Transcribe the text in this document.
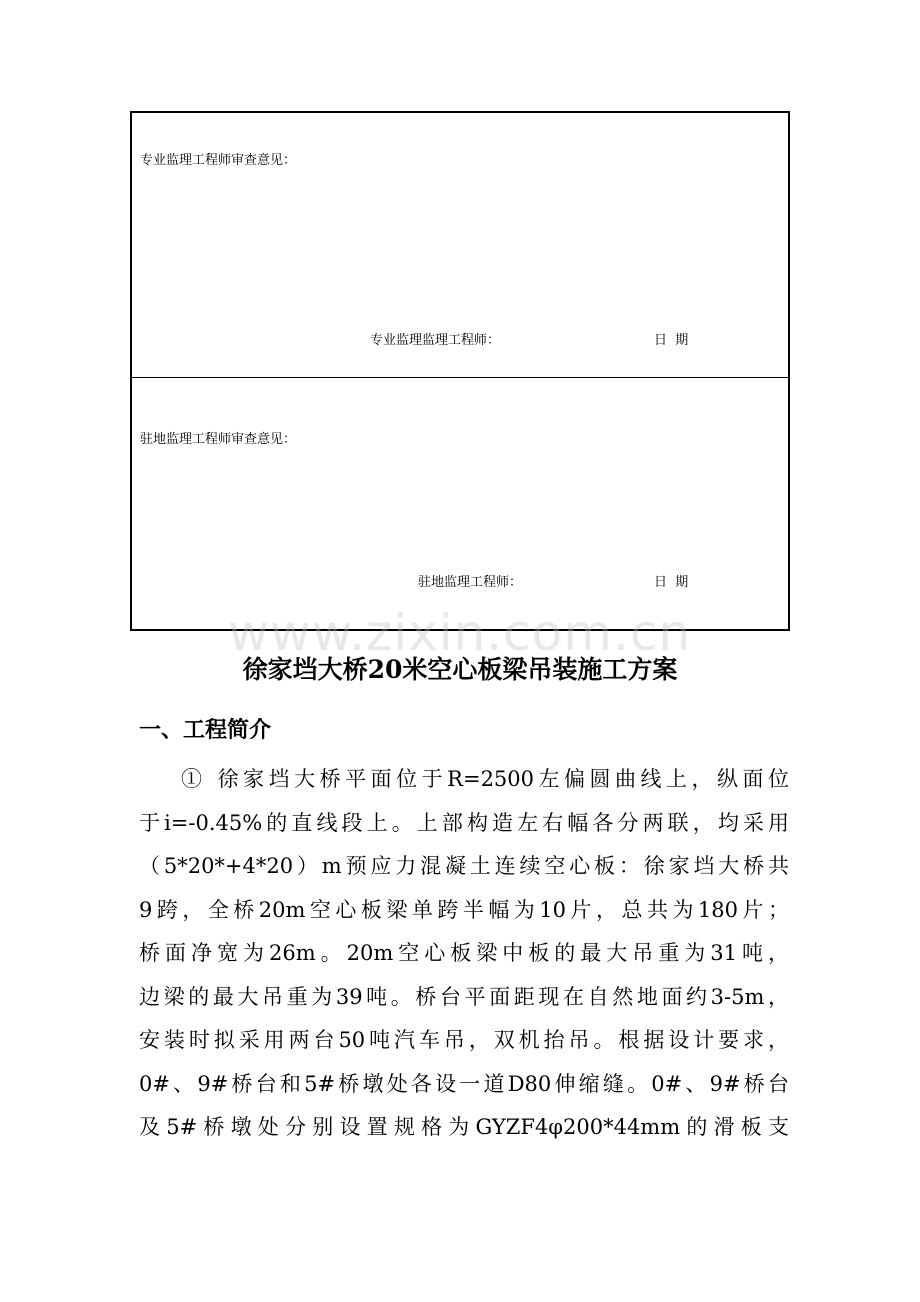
专业监理工程师审查意见：
专业监理监理工程师：	日  期
驻地监理工程师审查意见：
驻地监理工程师：	日  期
www.zixin.com.cn
徐家垱大桥20米空心板梁吊装施工方案
一、工程简介
① 徐家垱大桥平面位于R=2500左偏圆曲线上，纵面位
于i=-0.45%的直线段上。上部构造左右幅各分两联，均采用
（5*20*+4*20）m预应力混凝土连续空心板：徐家垱大桥共
9跨，全桥20m空心板梁单跨半幅为10片，总共为180片；
桥面净宽为26m。20m空心板梁中板的最大吊重为31吨，
边梁的最大吊重为39吨。桥台平面距现在自然地面约3-5m，
安装时拟采用两台50吨汽车吊，双机抬吊。根据设计要求，
0#、9#桥台和5#桥墩处各设一道D80伸缩缝。0#、9#桥台
及5#桥墩处分别设置规格为GYZF4φ200*44mm的滑板支
